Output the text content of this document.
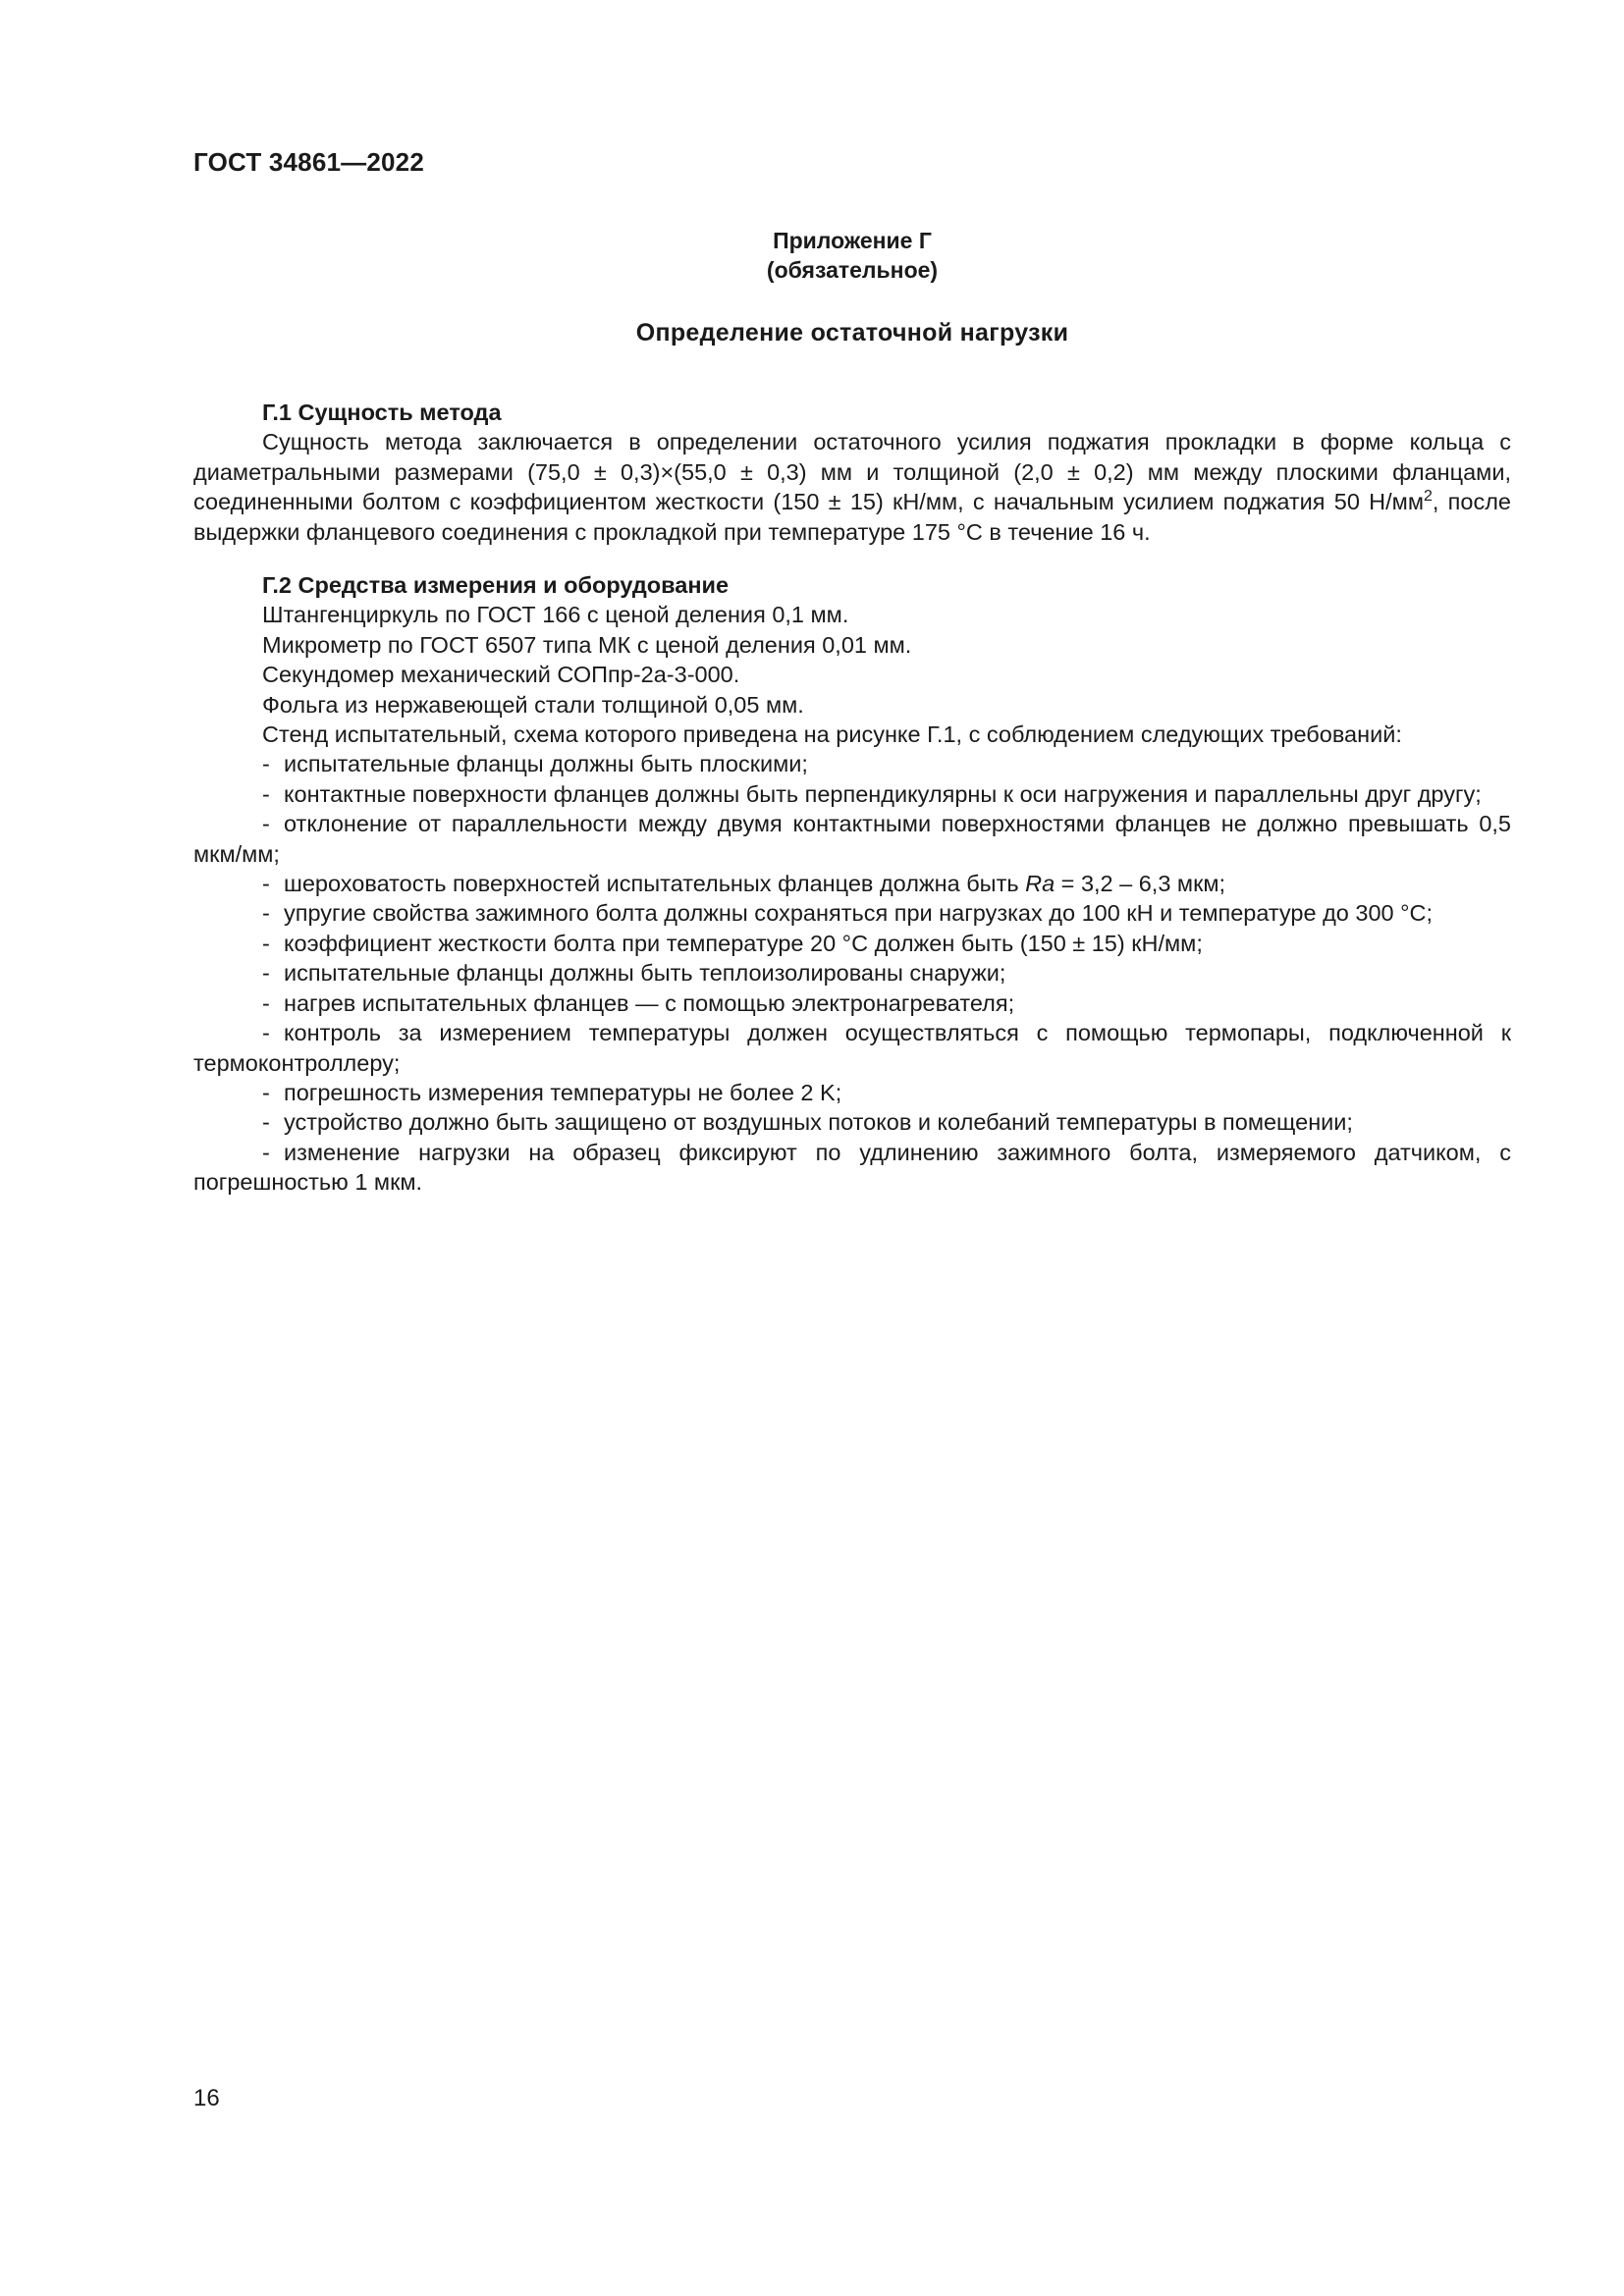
ГОСТ 34861—2022
Приложение Г
(обязательное)
Определение остаточной нагрузки

Г.1 Сущность метода

Сущность метода заключается в определении остаточного усилия поджатия прокладки в форме кольца с диаметральными размерами (75,0 ± 0,3)×(55,0 ± 0,3) мм и толщиной (2,0 ± 0,2) мм между плоскими фланцами, соединенными болтом с коэффициентом жесткости (150 ± 15) кН/мм, с начальным усилием поджатия 50 $Н/мм^2$, после выдержки фланцевого соединения с прокладкой при температуре 175 °С в течение 16 ч.

Г.2 Средства измерения и оборудование

Штангенциркуль по ГОСТ 166 с ценой деления 0,1 мм.

Микрометр по ГОСТ 6507 типа МК с ценой деления 0,01 мм.

Секундомер механический СОПпр-2а-3-000.

Фольга из нержавеющей стали толщиной 0,05 мм.

Стенд испытательный, схема которого приведена на рисунке Г.1, с соблюдением следующих требований:

- испытательные фланцы должны быть плоскими;

- контактные поверхности фланцев должны быть перпендикулярны к оси нагружения и параллельны друг другу;

- отклонение от параллельности между двумя контактными поверхностями фланцев не должно превышать 0,5 мкм/мм;

- шероховатость поверхностей испытательных фланцев должна быть Ra = 3,2 – 6,3 мкм;

- упругие свойства зажимного болта должны сохраняться при нагрузках до 100 кН и температуре до 300 °С;

- коэффициент жесткости болта при температуре 20 °С должен быть (150 ± 15) кН/мм;

- испытательные фланцы должны быть теплоизолированы снаружи;

- нагрев испытательных фланцев — с помощью электронагревателя;

- контроль за измерением температуры должен осуществляться с помощью термопары, подключенной к термоконтроллеру;

- погрешность измерения температуры не более 2 K;

- устройство должно быть защищено от воздушных потоков и колебаний температуры в помещении;

- изменение нагрузки на образец фиксируют по удлинению зажимного болта, измеряемого датчиком, с погрешностью 1 мкм.

16
